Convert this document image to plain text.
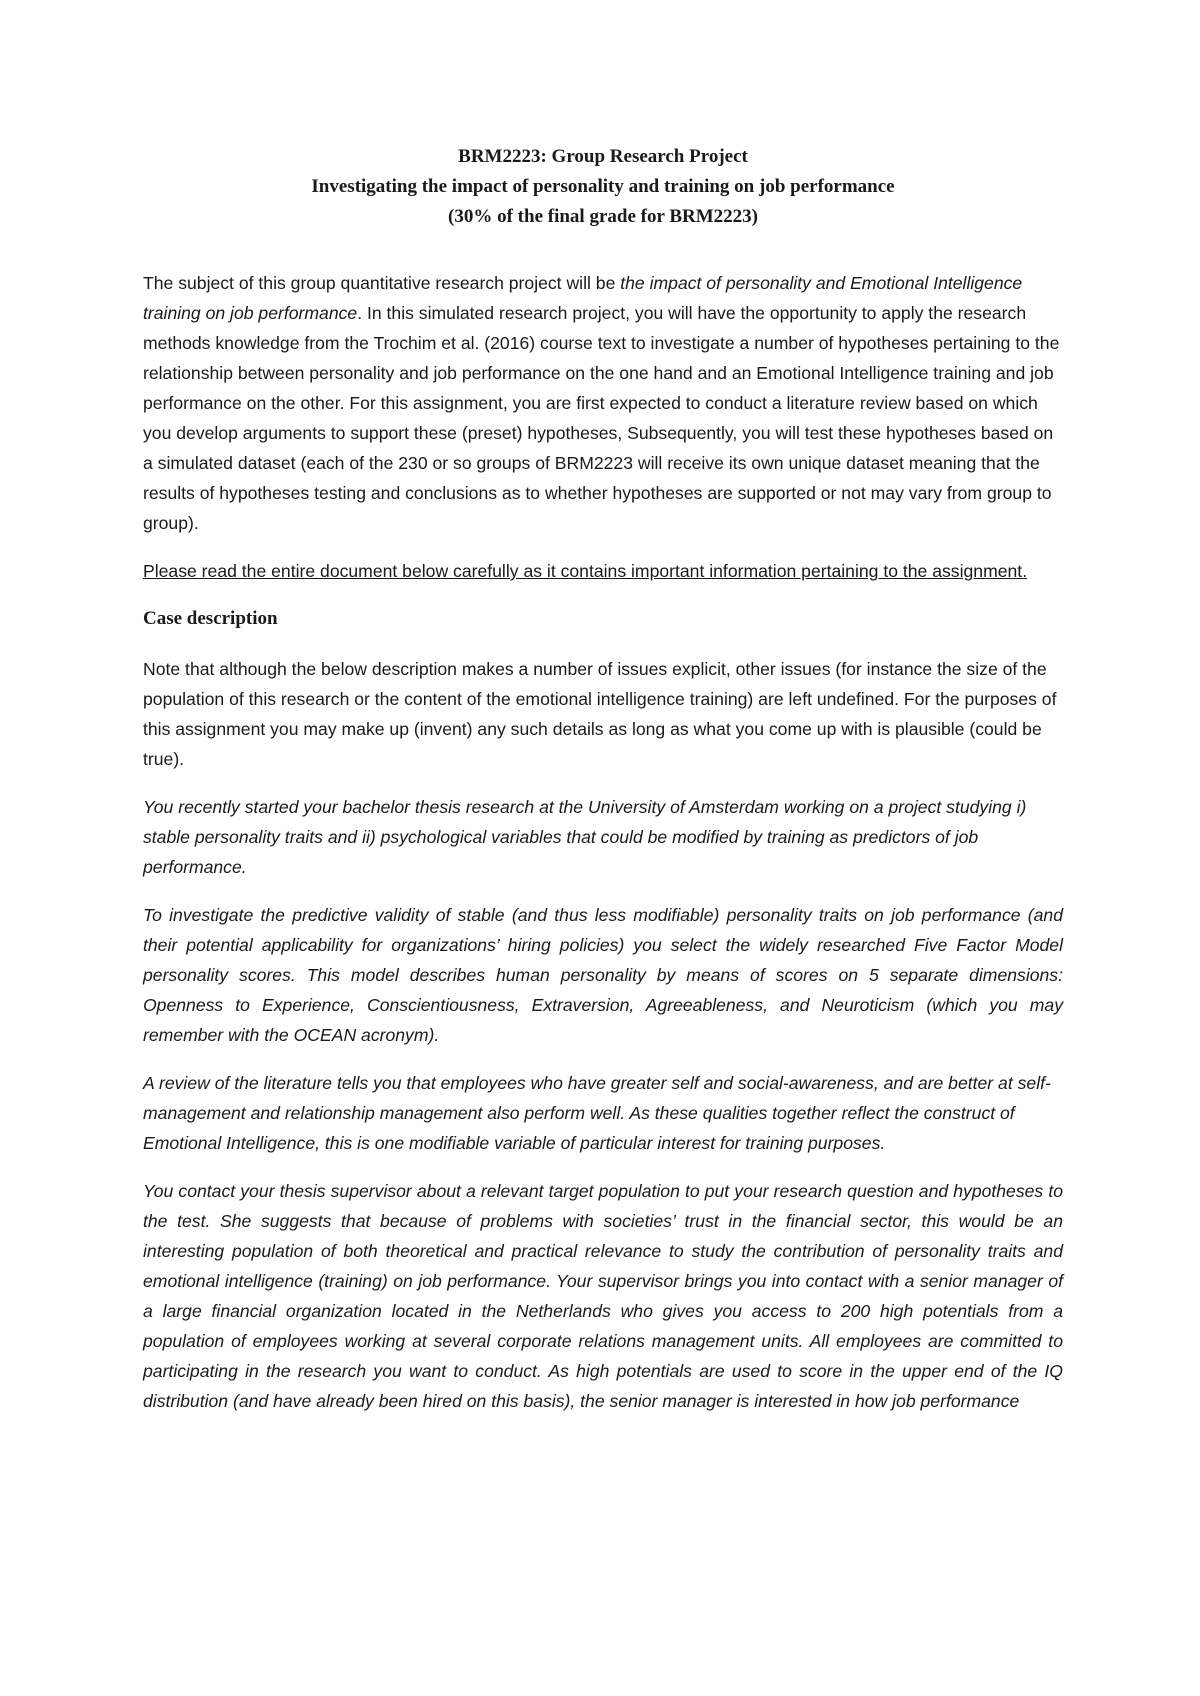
BRM2223: Group Research Project
Investigating the impact of personality and training on job performance
(30% of the final grade for BRM2223)

The subject of this group quantitative research project will be the impact of personality and Emotional Intelligence training on job performance. In this simulated research project, you will have the opportunity to apply the research methods knowledge from the Trochim et al. (2016) course text to investigate a number of hypotheses pertaining to the relationship between personality and job performance on the one hand and an Emotional Intelligence training and job performance on the other. For this assignment, you are first expected to conduct a literature review based on which you develop arguments to support these (preset) hypotheses, Subsequently, you will test these hypotheses based on a simulated dataset (each of the 230 or so groups of BRM2223 will receive its own unique dataset meaning that the results of hypotheses testing and conclusions as to whether hypotheses are supported or not may vary from group to group).

Please read the entire document below carefully as it contains important information pertaining to the assignment.

Case description

Note that although the below description makes a number of issues explicit, other issues (for instance the size of the population of this research or the content of the emotional intelligence training) are left undefined. For the purposes of this assignment you may make up (invent) any such details as long as what you come up with is plausible (could be true).

You recently started your bachelor thesis research at the University of Amsterdam working on a project studying i) stable personality traits and ii) psychological variables that could be modified by training as predictors of job performance.

To investigate the predictive validity of stable (and thus less modifiable) personality traits on job performance (and their potential applicability for organizations’ hiring policies) you select the widely researched Five Factor Model personality scores. This model describes human personality by means of scores on 5 separate dimensions: Openness to Experience, Conscientiousness, Extraversion, Agreeableness, and Neuroticism (which you may remember with the OCEAN acronym).

A review of the literature tells you that employees who have greater self and social-awareness, and are better at self-management and relationship management also perform well. As these qualities together reflect the construct of Emotional Intelligence, this is one modifiable variable of particular interest for training purposes.

You contact your thesis supervisor about a relevant target population to put your research question and hypotheses to the test. She suggests that because of problems with societies’ trust in the financial sector, this would be an interesting population of both theoretical and practical relevance to study the contribution of personality traits and emotional intelligence (training) on job performance. Your supervisor brings you into contact with a senior manager of a large financial organization located in the Netherlands who gives you access to 200 high potentials from a population of employees working at several corporate relations management units. All employees are committed to participating in the research you want to conduct. As high potentials are used to score in the upper end of the IQ distribution (and have already been hired on this basis), the senior manager is interested in how job performance
